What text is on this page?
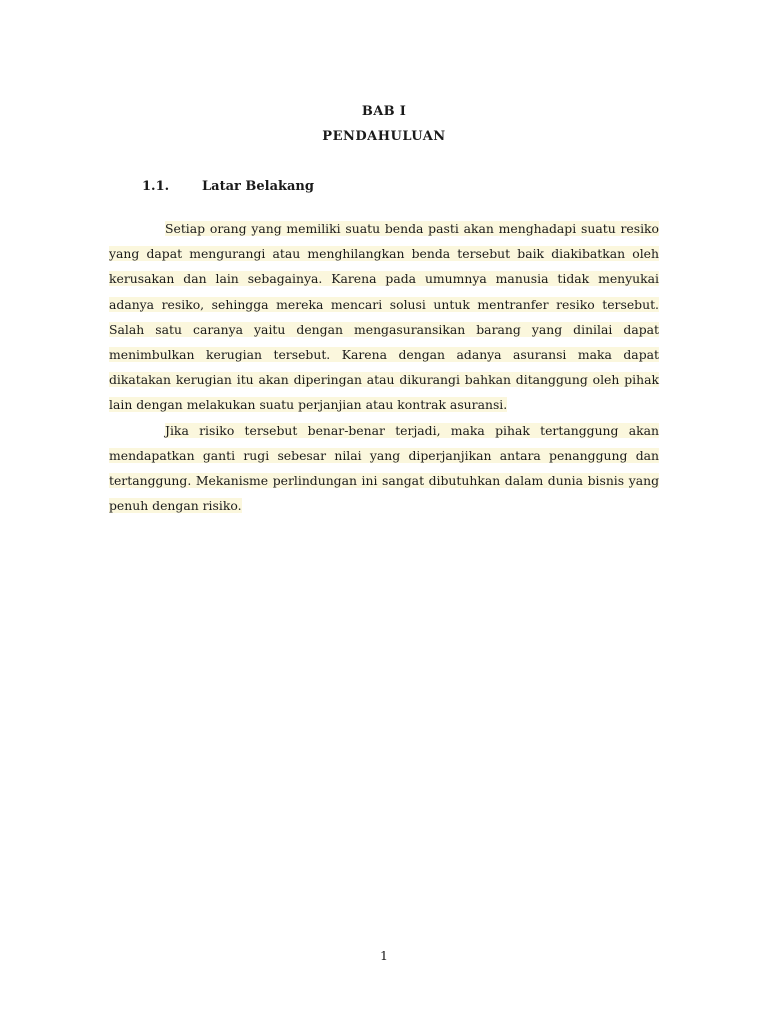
BAB I
PENDAHULUAN
1.1.	Latar Belakang

Setiap orang yang memiliki suatu benda pasti akan menghadapi suatu resiko yang dapat mengurangi atau menghilangkan benda tersebut baik diakibatkan oleh kerusakan dan lain sebagainya. Karena pada umumnya manusia tidak menyukai adanya resiko, sehingga mereka mencari solusi untuk mentranfer resiko tersebut. Salah satu caranya yaitu dengan mengasuransikan barang yang dinilai dapat menimbulkan kerugian tersebut. Karena dengan adanya asuransi maka dapat dikatakan kerugian itu akan diperingan atau dikurangi bahkan ditanggung oleh pihak lain dengan melakukan suatu perjanjian atau kontrak asuransi.

Jika risiko tersebut benar-benar terjadi, maka pihak tertanggung akan mendapatkan ganti rugi sebesar nilai yang diperjanjikan antara penanggung dan tertanggung. Mekanisme perlindungan ini sangat dibutuhkan dalam dunia bisnis yang penuh dengan risiko.

1
